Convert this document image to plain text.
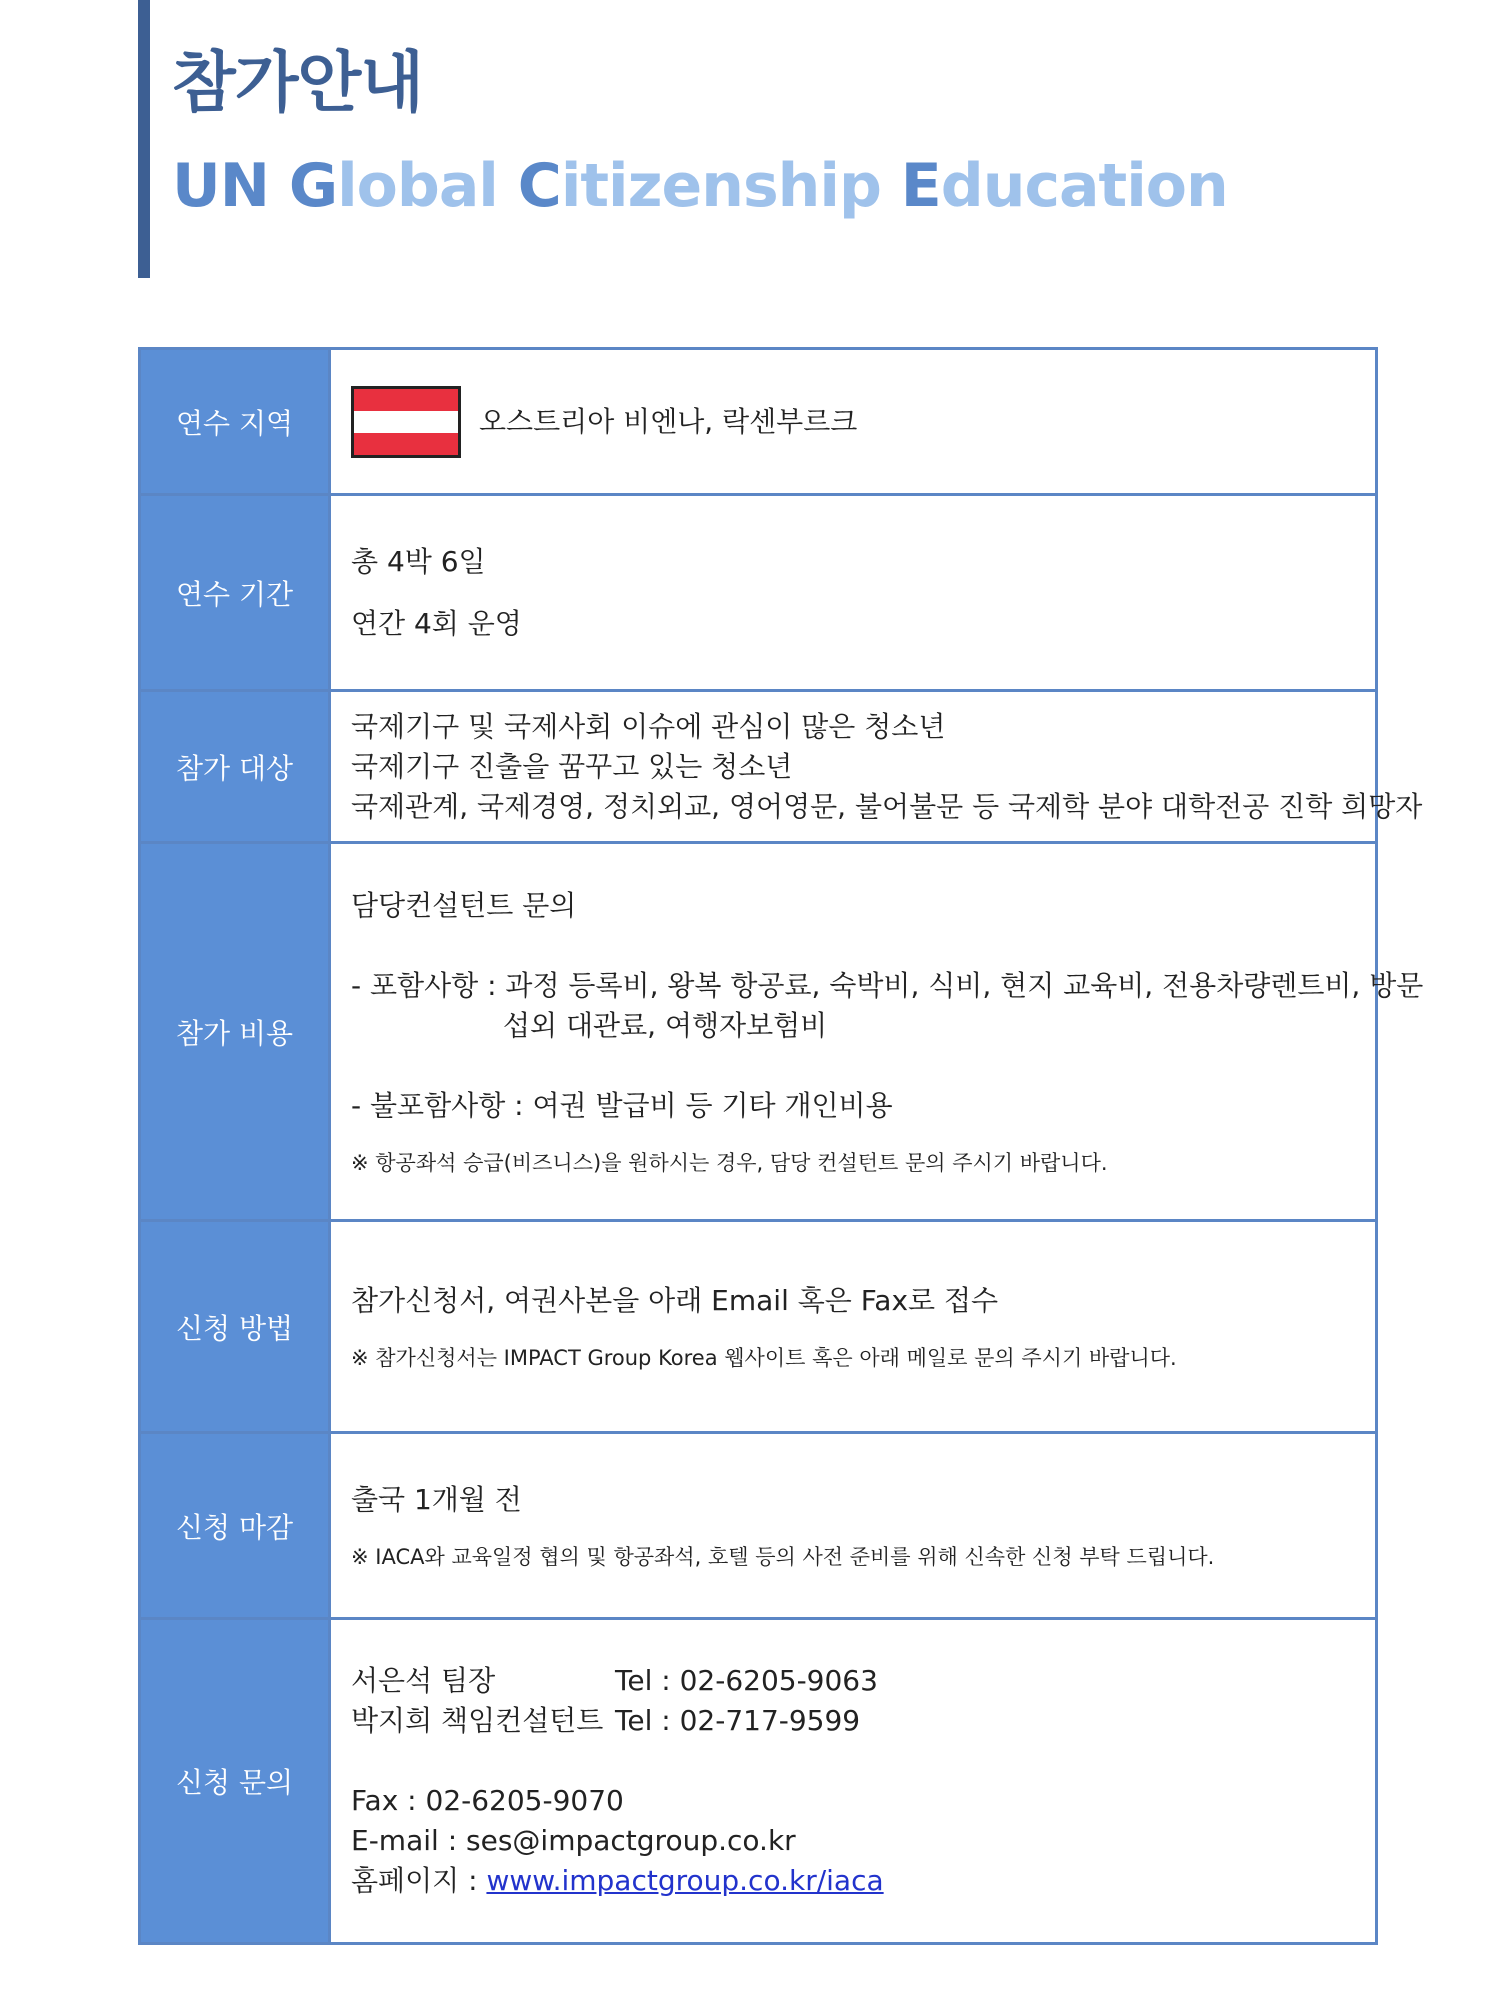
참가안내
UN Global Citizenship Education
연수 지역	오스트리아 비엔나, 락센부르크
연수 기간
총 4박 6일
연간 4회 운영
참가 대상
국제기구 및 국제사회 이슈에 관심이 많은 청소년
국제기구 진출을 꿈꾸고 있는 청소년
국제관계, 국제경영, 정치외교, 영어영문, 불어불문 등 국제학 분야 대학전공 진학 희망자
참가 비용
담당컨설턴트 문의
- 포함사항 : 과정 등록비, 왕복 항공료, 숙박비, 식비, 현지 교육비, 전용차량렌트비, 방문
섭외 대관료, 여행자보험비
- 불포함사항 : 여권 발급비 등 기타 개인비용
※ 항공좌석 승급(비즈니스)을 원하시는 경우, 담당 컨설턴트 문의 주시기 바랍니다.
신청 방법
참가신청서, 여권사본을 아래 Email 혹은 Fax로 접수
※ 참가신청서는 IMPACT Group Korea 웹사이트 혹은 아래 메일로 문의 주시기 바랍니다.
신청 마감
출국 1개월 전
※ IACA와 교육일정 협의 및 항공좌석, 호텔 등의 사전 준비를 위해 신속한 신청 부탁 드립니다.
신청 문의
서은석 팀장	Tel : 02-6205-9063
박지희 책임컨설턴트 Tel : 02-717-9599
Fax : 02-6205-9070
E-mail : ses@impactgroup.co.kr
홈페이지 : www.impactgroup.co.kr/iaca
